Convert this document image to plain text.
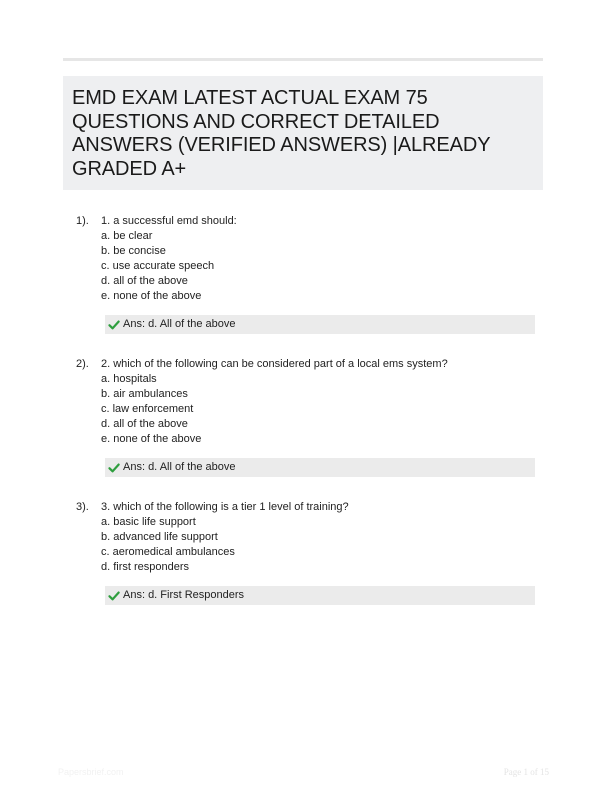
EMD EXAM LATEST ACTUAL EXAM 75 QUESTIONS AND CORRECT DETAILED ANSWERS (VERIFIED ANSWERS) |ALREADY GRADED A+
1). 1. a successful emd should:
a. be clear
b. be concise
c. use accurate speech
d. all of the above
e. none of the above
Ans: d. All of the above
2). 2. which of the following can be considered part of a local ems system?
a. hospitals
b. air ambulances
c. law enforcement
d. all of the above
e. none of the above
Ans: d. All of the above
3). 3. which of the following is a tier 1 level of training?
a. basic life support
b. advanced life support
c. aeromedical ambulances
d. first responders
Ans: d. First Responders
Papersbrief.com	Page 1 of 15
